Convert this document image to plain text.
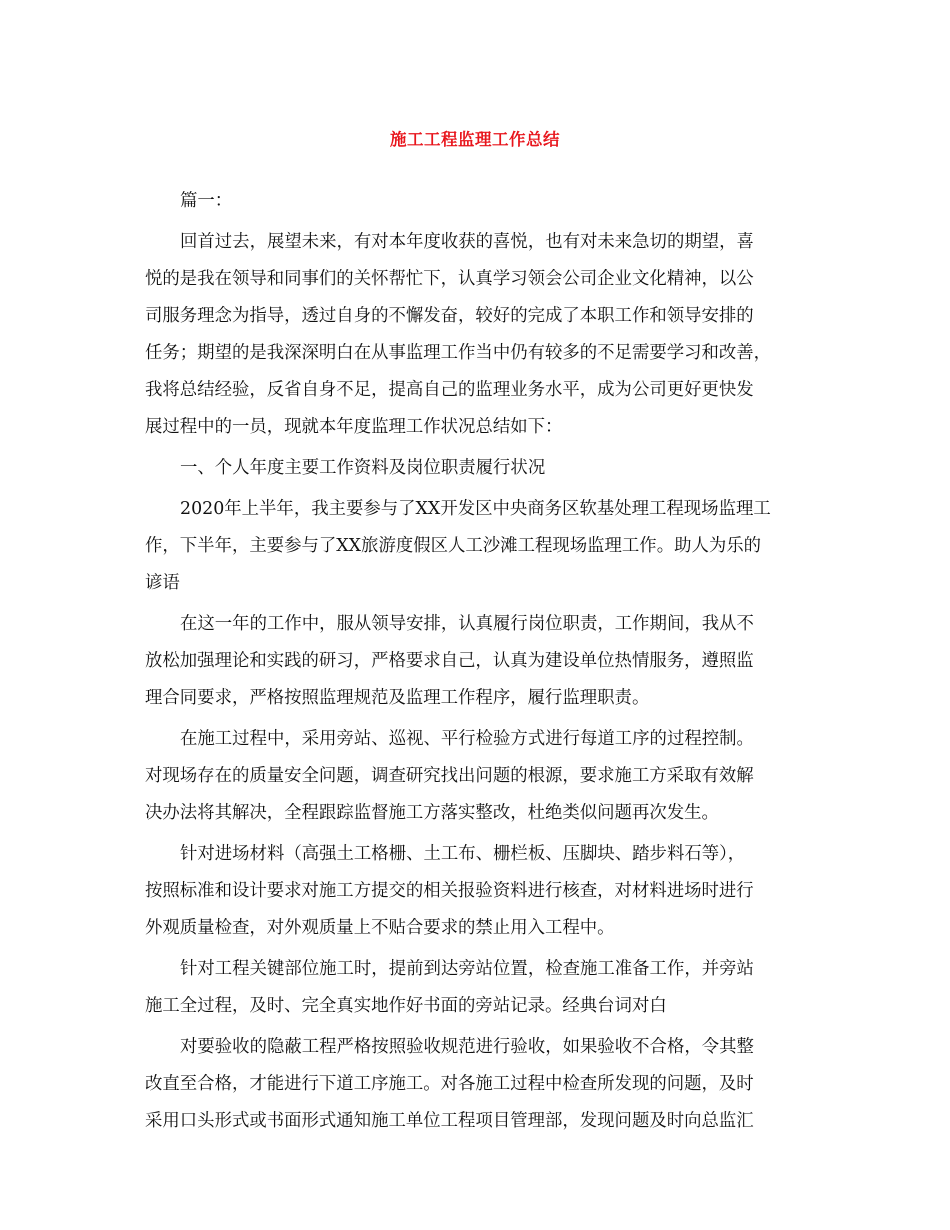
施工工程监理工作总结

篇一：

回首过去，展望未来，有对本年度收获的喜悦，也有对未来急切的期望，喜
悦的是我在领导和同事们的关怀帮忙下，认真学习领会公司企业文化精神，以公
司服务理念为指导，透过自身的不懈发奋，较好的完成了本职工作和领导安排的
任务；期望的是我深深明白在从事监理工作当中仍有较多的不足需要学习和改善，
我将总结经验，反省自身不足，提高自己的监理业务水平，成为公司更好更快发
展过程中的一员，现就本年度监理工作状况总结如下：

一、个人年度主要工作资料及岗位职责履行状况

2020年上半年，我主要参与了XX开发区中央商务区软基处理工程现场监理工
作，下半年，主要参与了XX旅游度假区人工沙滩工程现场监理工作。助人为乐的
谚语

在这一年的工作中，服从领导安排，认真履行岗位职责，工作期间，我从不
放松加强理论和实践的研习，严格要求自己，认真为建设单位热情服务，遵照监
理合同要求，严格按照监理规范及监理工作程序，履行监理职责。

在施工过程中，采用旁站、巡视、平行检验方式进行每道工序的过程控制。
对现场存在的质量安全问题，调查研究找出问题的根源，要求施工方采取有效解
决办法将其解决，全程跟踪监督施工方落实整改，杜绝类似问题再次发生。

针对进场材料（高强土工格栅、土工布、栅栏板、压脚块、踏步料石等），
按照标准和设计要求对施工方提交的相关报验资料进行核查，对材料进场时进行
外观质量检查，对外观质量上不贴合要求的禁止用入工程中。

针对工程关键部位施工时，提前到达旁站位置，检查施工准备工作，并旁站
施工全过程，及时、完全真实地作好书面的旁站记录。经典台词对白

对要验收的隐蔽工程严格按照验收规范进行验收，如果验收不合格，令其整
改直至合格，才能进行下道工序施工。对各施工过程中检查所发现的问题，及时
采用口头形式或书面形式通知施工单位工程项目管理部，发现问题及时向总监汇
